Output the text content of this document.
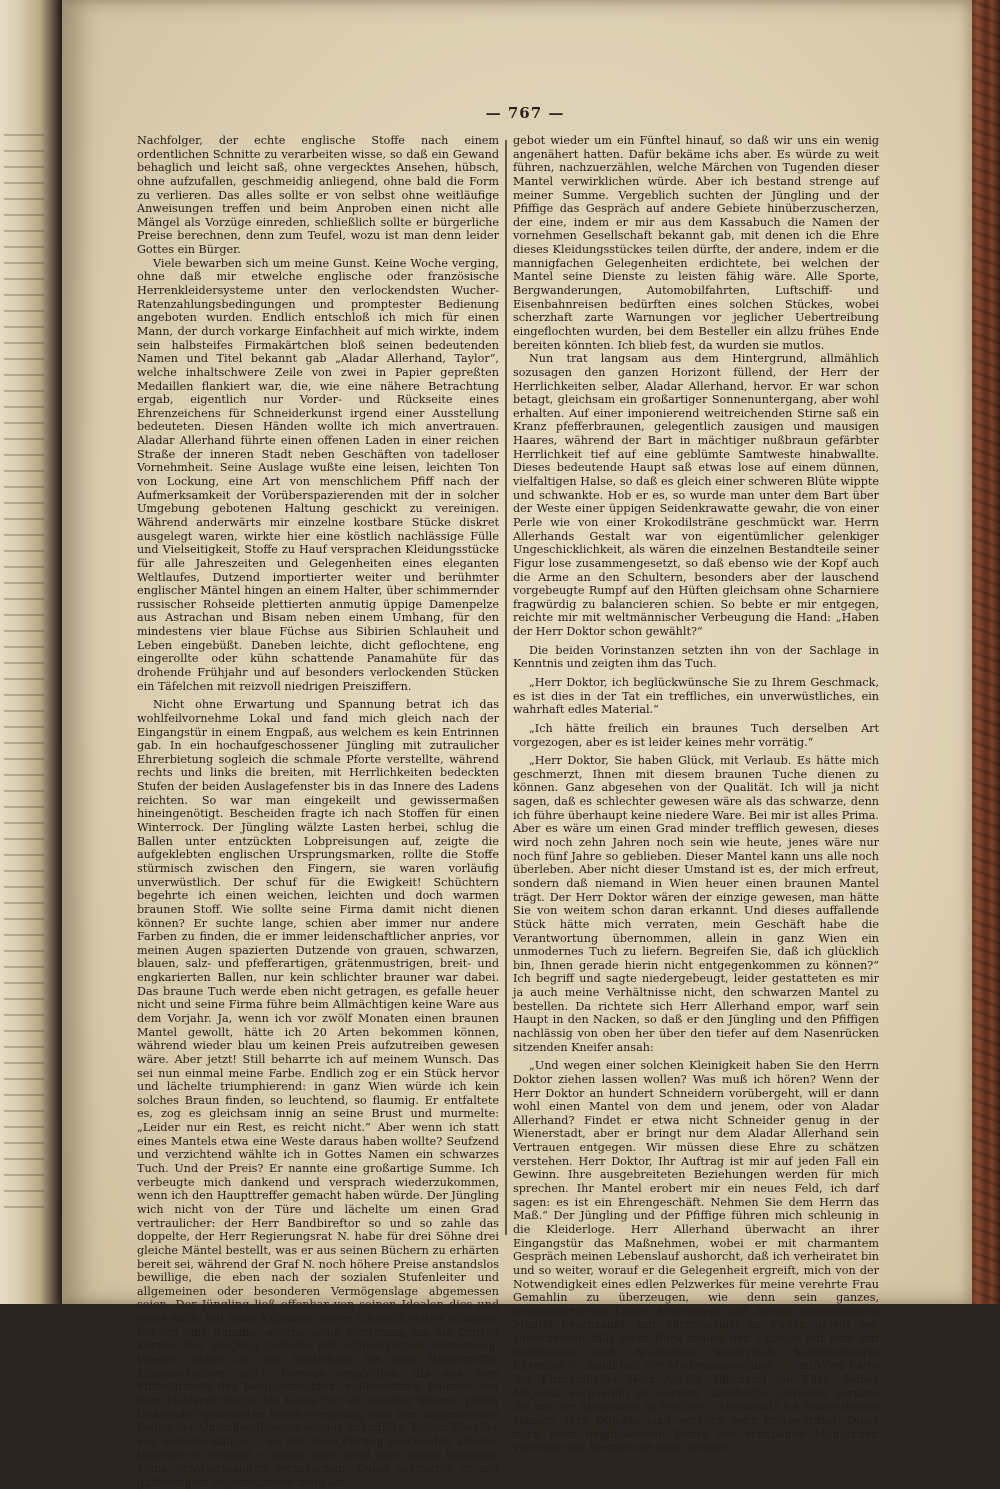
— 767 —

Nachfolger, der echte englische Stoffe nach einem ordentlichen Schnitte zu verarbeiten wisse, so daß ein Gewand behaglich und leicht saß, ohne vergecktes Ansehen, hübsch, ohne aufzufallen, geschmeidig anliegend, ohne bald die Form zu verlieren. Das alles sollte er von selbst ohne weitläufige Anweisungen treffen und beim Anproben einen nicht alle Mängel als Vorzüge einreden, schließlich sollte er bürgerliche Preise berechnen, denn zum Teufel, wozu ist man denn leider Gottes ein Bürger.

Viele bewarben sich um meine Gunst. Keine Woche verging, ohne daß mir etwelche englische oder französische Herrenkleidersysteme unter den verlockendsten Wucher-Ratenzahlungsbedingungen und promptester Bedienung angeboten wurden. Endlich entschloß ich mich für einen Mann, der durch vorkarge Einfachheit auf mich wirkte, indem sein halbsteifes Firmakärtchen bloß seinen bedeutenden Namen und Titel bekannt gab „Aladar Allerhand, Taylor“, welche inhaltschwere Zeile von zwei in Papier gepreßten Medaillen flankiert war, die, wie eine nähere Betrachtung ergab, eigentlich nur Vorder- und Rückseite eines Ehrenzeichens für Schneiderkunst irgend einer Ausstellung bedeuteten. Diesen Händen wollte ich mich anvertrauen. Aladar Allerhand führte einen offenen Laden in einer reichen Straße der inneren Stadt neben Geschäften von tadelloser Vornehmheit. Seine Auslage wußte eine leisen, leichten Ton von Lockung, eine Art von menschlichem Pfiff nach der Aufmerksamkeit der Vorüberspazierenden mit der in solcher Umgebung gebotenen Haltung geschickt zu vereinigen. Während anderwärts mir einzelne kostbare Stücke diskret ausgelegt waren, wirkte hier eine köstlich nachlässige Fülle und Vielseitigkeit, Stoffe zu Hauf versprachen Kleidungsstücke für alle Jahreszeiten und Gelegenheiten eines eleganten Weltlaufes, Dutzend importierter weiter und berühmter englischer Mäntel hingen an einem Halter, über schimmernder russischer Rohseide plettierten anmutig üppige Damenpelze aus Astrachan und Bisam neben einem Umhang, für den mindestens vier blaue Füchse aus Sibirien Schlauheit und Leben eingebüßt. Daneben leichte, dicht geflochtene, eng eingerollte oder kühn schattende Panamahüte für das drohende Frühjahr und auf besonders verlockenden Stücken ein Täfelchen mit reizvoll niedrigen Preisziffern.

Nicht ohne Erwartung und Spannung betrat ich das wohlfeilvornehme Lokal und fand mich gleich nach der Eingangstür in einem Engpaß, aus welchem es kein Entrinnen gab. In ein hochaufgeschossener Jüngling mit zutraulicher Ehrerbietung sogleich die schmale Pforte verstellte, während rechts und links die breiten, mit Herrlichkeiten bedeckten Stufen der beiden Auslagefenster bis in das Innere des Ladens reichten. So war man eingekeilt und gewissermaßen hineingenötigt. Bescheiden fragte ich nach Stoffen für einen Winterrock. Der Jüngling wälzte Lasten herbei, schlug die Ballen unter entzückten Lobpreisungen auf, zeigte die aufgeklebten englischen Ursprungsmarken, rollte die Stoffe stürmisch zwischen den Fingern, sie waren vorläufig unverwüstlich. Der schuf für die Ewigkeit! Schüchtern begehrte ich einen weichen, leichten und doch warmen braunen Stoff. Wie sollte seine Firma damit nicht dienen können? Er suchte lange, schien aber immer nur andere Farben zu finden, die er immer leidenschaftlicher anpries, vor meinen Augen spazierten Dutzende von grauen, schwarzen, blauen, salz- und pfefferartigen, grätenmustrigen, breit- und engkarierten Ballen, nur kein schlichter brauner war dabei. Das braune Tuch werde eben nicht getragen, es gefalle heuer nicht und seine Firma führe beim Allmächtigen keine Ware aus dem Vorjahr. Ja, wenn ich vor zwölf Monaten einen braunen Mantel gewollt, hätte ich 20 Arten bekommen können, während wieder blau um keinen Preis aufzutreiben gewesen wäre. Aber jetzt! Still beharrte ich auf meinem Wunsch. Das sei nun einmal meine Farbe. Endlich zog er ein Stück hervor und lächelte triumphierend: in ganz Wien würde ich kein solches Braun finden, so leuchtend, so flaumig. Er entfaltete es, zog es gleichsam innig an seine Brust und murmelte: „Leider nur ein Rest, es reicht nicht.“ Aber wenn ich statt eines Mantels etwa eine Weste daraus haben wollte? Seufzend und verzichtend wählte ich in Gottes Namen ein schwarzes Tuch. Und der Preis? Er nannte eine großartige Summe. Ich verbeugte mich dankend und versprach wiederzukommen, wenn ich den Haupttreffer gemacht haben würde. Der Jüngling wich nicht von der Türe und lächelte um einen Grad vertraulicher: der Herr Bandbireftor so und so zahle das doppelte, der Herr Regierungsrat N. habe für drei Söhne drei gleiche Mäntel bestellt, was er aus seinen Büchern zu erhärten bereit sei, während der Graf N. noch höhere Preise anstandslos bewillige, die eben nach der sozialen Stufenleiter und allgemeinen oder besonderen Vermögenslage abgemessen seien. Der Jüngling ließ offenbar von seinen Idealen dies und jenes nach. Mit einer Kühnheit, deren ich mich selber schämte, bot ich eine Summe, welche seine Forderung um ein Dritteil kürzte. Der Jüngling lächelte mit schmerzlicher Verneinung. Wieder wollte ich die Bestellung bis zum Haupttreffer hinausschieben, mich bestens empfehlen, als aus dem Mittelgrunde des langgestreckten, vollbesetzten Raumes von dem Holzverschlage der Kasse her ein zweiter kleiner, pfiffig lächelnder gewandter Mann vorsprang und den abgerissenen Faden der Unterhandlungen wieder anknüpfte. Einem Kavalier von meinem Range — als ich diese Ehrung bescheiden abwies, lächelte er tröstend — könne doch wohl eine solche Bagatelle keine Schwierigkeiten verursachen. Dabei schraubte er mit gutherzigem Augenblinzeln mein An-

gebot wieder um ein Fünftel hinauf, so daß wir uns ein wenig angenähert hatten. Dafür bekäme ichs aber. Es würde zu weit führen, nachzuerzählen, welche Märchen von Tugenden dieser Mantel verwirklichen würde. Aber ich bestand strenge auf meiner Summe. Vergeblich suchten der Jüngling und der Pfiffige das Gespräch auf andere Gebiete hinüberzuscherzen, der eine, indem er mir aus dem Kassabuch die Namen der vornehmen Gesellschaft bekannt gab, mit denen ich die Ehre dieses Kleidungsstückes teilen dürfte, der andere, indem er die mannigfachen Gelegenheiten erdichtete, bei welchen der Mantel seine Dienste zu leisten fähig wäre. Alle Sporte, Bergwanderungen, Automobilfahrten, Luftschiff- und Eisenbahnreisen bedürften eines solchen Stückes, wobei scherzhaft zarte Warnungen vor jeglicher Uebertreibung eingeflochten wurden, bei dem Besteller ein allzu frühes Ende bereiten könnten. Ich blieb fest, da wurden sie mutlos.

Nun trat langsam aus dem Hintergrund, allmählich sozusagen den ganzen Horizont füllend, der Herr der Herrlichkeiten selber, Aladar Allerhand, hervor. Er war schon betagt, gleichsam ein großartiger Sonnenuntergang, aber wohl erhalten. Auf einer imponierend weitreichenden Stirne saß ein Kranz pfefferbraunen, gelegentlich zausigen und mausigen Haares, während der Bart in mächtiger nußbraun gefärbter Herrlichkeit tief auf eine geblümte Samtweste hinabwallte. Dieses bedeutende Haupt saß etwas lose auf einem dünnen, vielfaltigen Halse, so daß es gleich einer schweren Blüte wippte und schwankte. Hob er es, so wurde man unter dem Bart über der Weste einer üppigen Seidenkrawatte gewahr, die von einer Perle wie von einer Krokodilsträne geschmückt war. Herrn Allerhands Gestalt war von eigentümlicher gelenkiger Ungeschicklichkeit, als wären die einzelnen Bestandteile seiner Figur lose zusammengesetzt, so daß ebenso wie der Kopf auch die Arme an den Schultern, besonders aber der lauschend vorgebeugte Rumpf auf den Hüften gleichsam ohne Scharniere fragwürdig zu balancieren schien. So bebte er mir entgegen, reichte mir mit weltmännischer Verbeugung die Hand: „Haben der Herr Doktor schon gewählt?“

Die beiden Vorinstanzen setzten ihn von der Sachlage in Kenntnis und zeigten ihm das Tuch.

„Herr Doktor, ich beglückwünsche Sie zu Ihrem Geschmack, es ist dies in der Tat ein treffliches, ein unverwüstliches, ein wahrhaft edles Material.“

„Ich hätte freilich ein braunes Tuch derselben Art vorgezogen, aber es ist leider keines mehr vorrätig.“

„Herr Doktor, Sie haben Glück, mit Verlaub. Es hätte mich geschmerzt, Ihnen mit diesem braunen Tuche dienen zu können. Ganz abgesehen von der Qualität. Ich will ja nicht sagen, daß es schlechter gewesen wäre als das schwarze, denn ich führe überhaupt keine niedere Ware. Bei mir ist alles Prima. Aber es wäre um einen Grad minder trefflich gewesen, dieses wird noch zehn Jahren noch sein wie heute, jenes wäre nur noch fünf Jahre so geblieben. Dieser Mantel kann uns alle noch überleben. Aber nicht dieser Umstand ist es, der mich erfreut, sondern daß niemand in Wien heuer einen braunen Mantel trägt. Der Herr Doktor wären der einzige gewesen, man hätte Sie von weitem schon daran erkannt. Und dieses auffallende Stück hätte mich verraten, mein Geschäft habe die Verantwortung übernommen, allein in ganz Wien ein unmodernes Tuch zu liefern. Begreifen Sie, daß ich glücklich bin, Ihnen gerade hierin nicht entgegenkommen zu können?“ Ich begriff und sagte niedergebeugt, leider gestatteten es mir ja auch meine Verhältnisse nicht, den schwarzen Mantel zu bestellen. Da richtete sich Herr Allerhand empor, warf sein Haupt in den Nacken, so daß er den Jüngling und den Pfiffigen nachlässig von oben her über den tiefer auf dem Nasenrücken sitzenden Kneifer ansah:

„Und wegen einer solchen Kleinigkeit haben Sie den Herrn Doktor ziehen lassen wollen? Was muß ich hören? Wenn der Herr Doktor an hundert Schneidern vorübergeht, will er dann wohl einen Mantel von dem und jenem, oder von Aladar Allerhand? Findet er etwa nicht Schneider genug in der Wienerstadt, aber er bringt nur dem Aladar Allerhand sein Vertrauen entgegen. Wir müssen diese Ehre zu schätzen verstehen. Herr Doktor, Ihr Auftrag ist mir auf jeden Fall ein Gewinn. Ihre ausgebreiteten Beziehungen werden für mich sprechen. Ihr Mantel erobert mir ein neues Feld, ich darf sagen: es ist ein Ehrengeschäft. Nehmen Sie dem Herrn das Maß.“ Der Jüngling und der Pfiffige führen mich schleunig in die Kleiderloge. Herr Allerhand überwacht an ihrer Eingangstür das Maßnehmen, wobei er mit charmantem Gespräch meinen Lebenslauf aushorcht, daß ich verheiratet bin und so weiter, worauf er die Gelegenheit ergreift, mich von der Notwendigkeit eines edlen Pelzwerkes für meine verehrte Frau Gemahlin zu überzeugen, wie denn sein ganzes, wohlassortiertes Lager, keineswegs auf diesen geringfügigen Mantel beschränkt, mir ehrerbietigst zu Füßen gelegt sei. Unterdessen fällt mein Blick neben den Spiegel auf eine mit Emblemen und Arabesken kunstreich kalligraphierte Ehrentafel: „Anläßlich der Modenausstellung . . . zu Wien hatte der Firmainhaber Herr Aladar Allerhand die Ehre, Seiner Majestät vorgestellt zu werden. Allerhöchst derselbe geruhte ihn mit der Ansprache zu beehren: ‚Allerhand? Ich kenne diesen Namen. Ihre Objekte sind wirklich sehr preiswürdig!‘ Diese mich hoch beglückenden Worte des erhabenen Monarchen verewige ich hiermit zur Ehre meines
